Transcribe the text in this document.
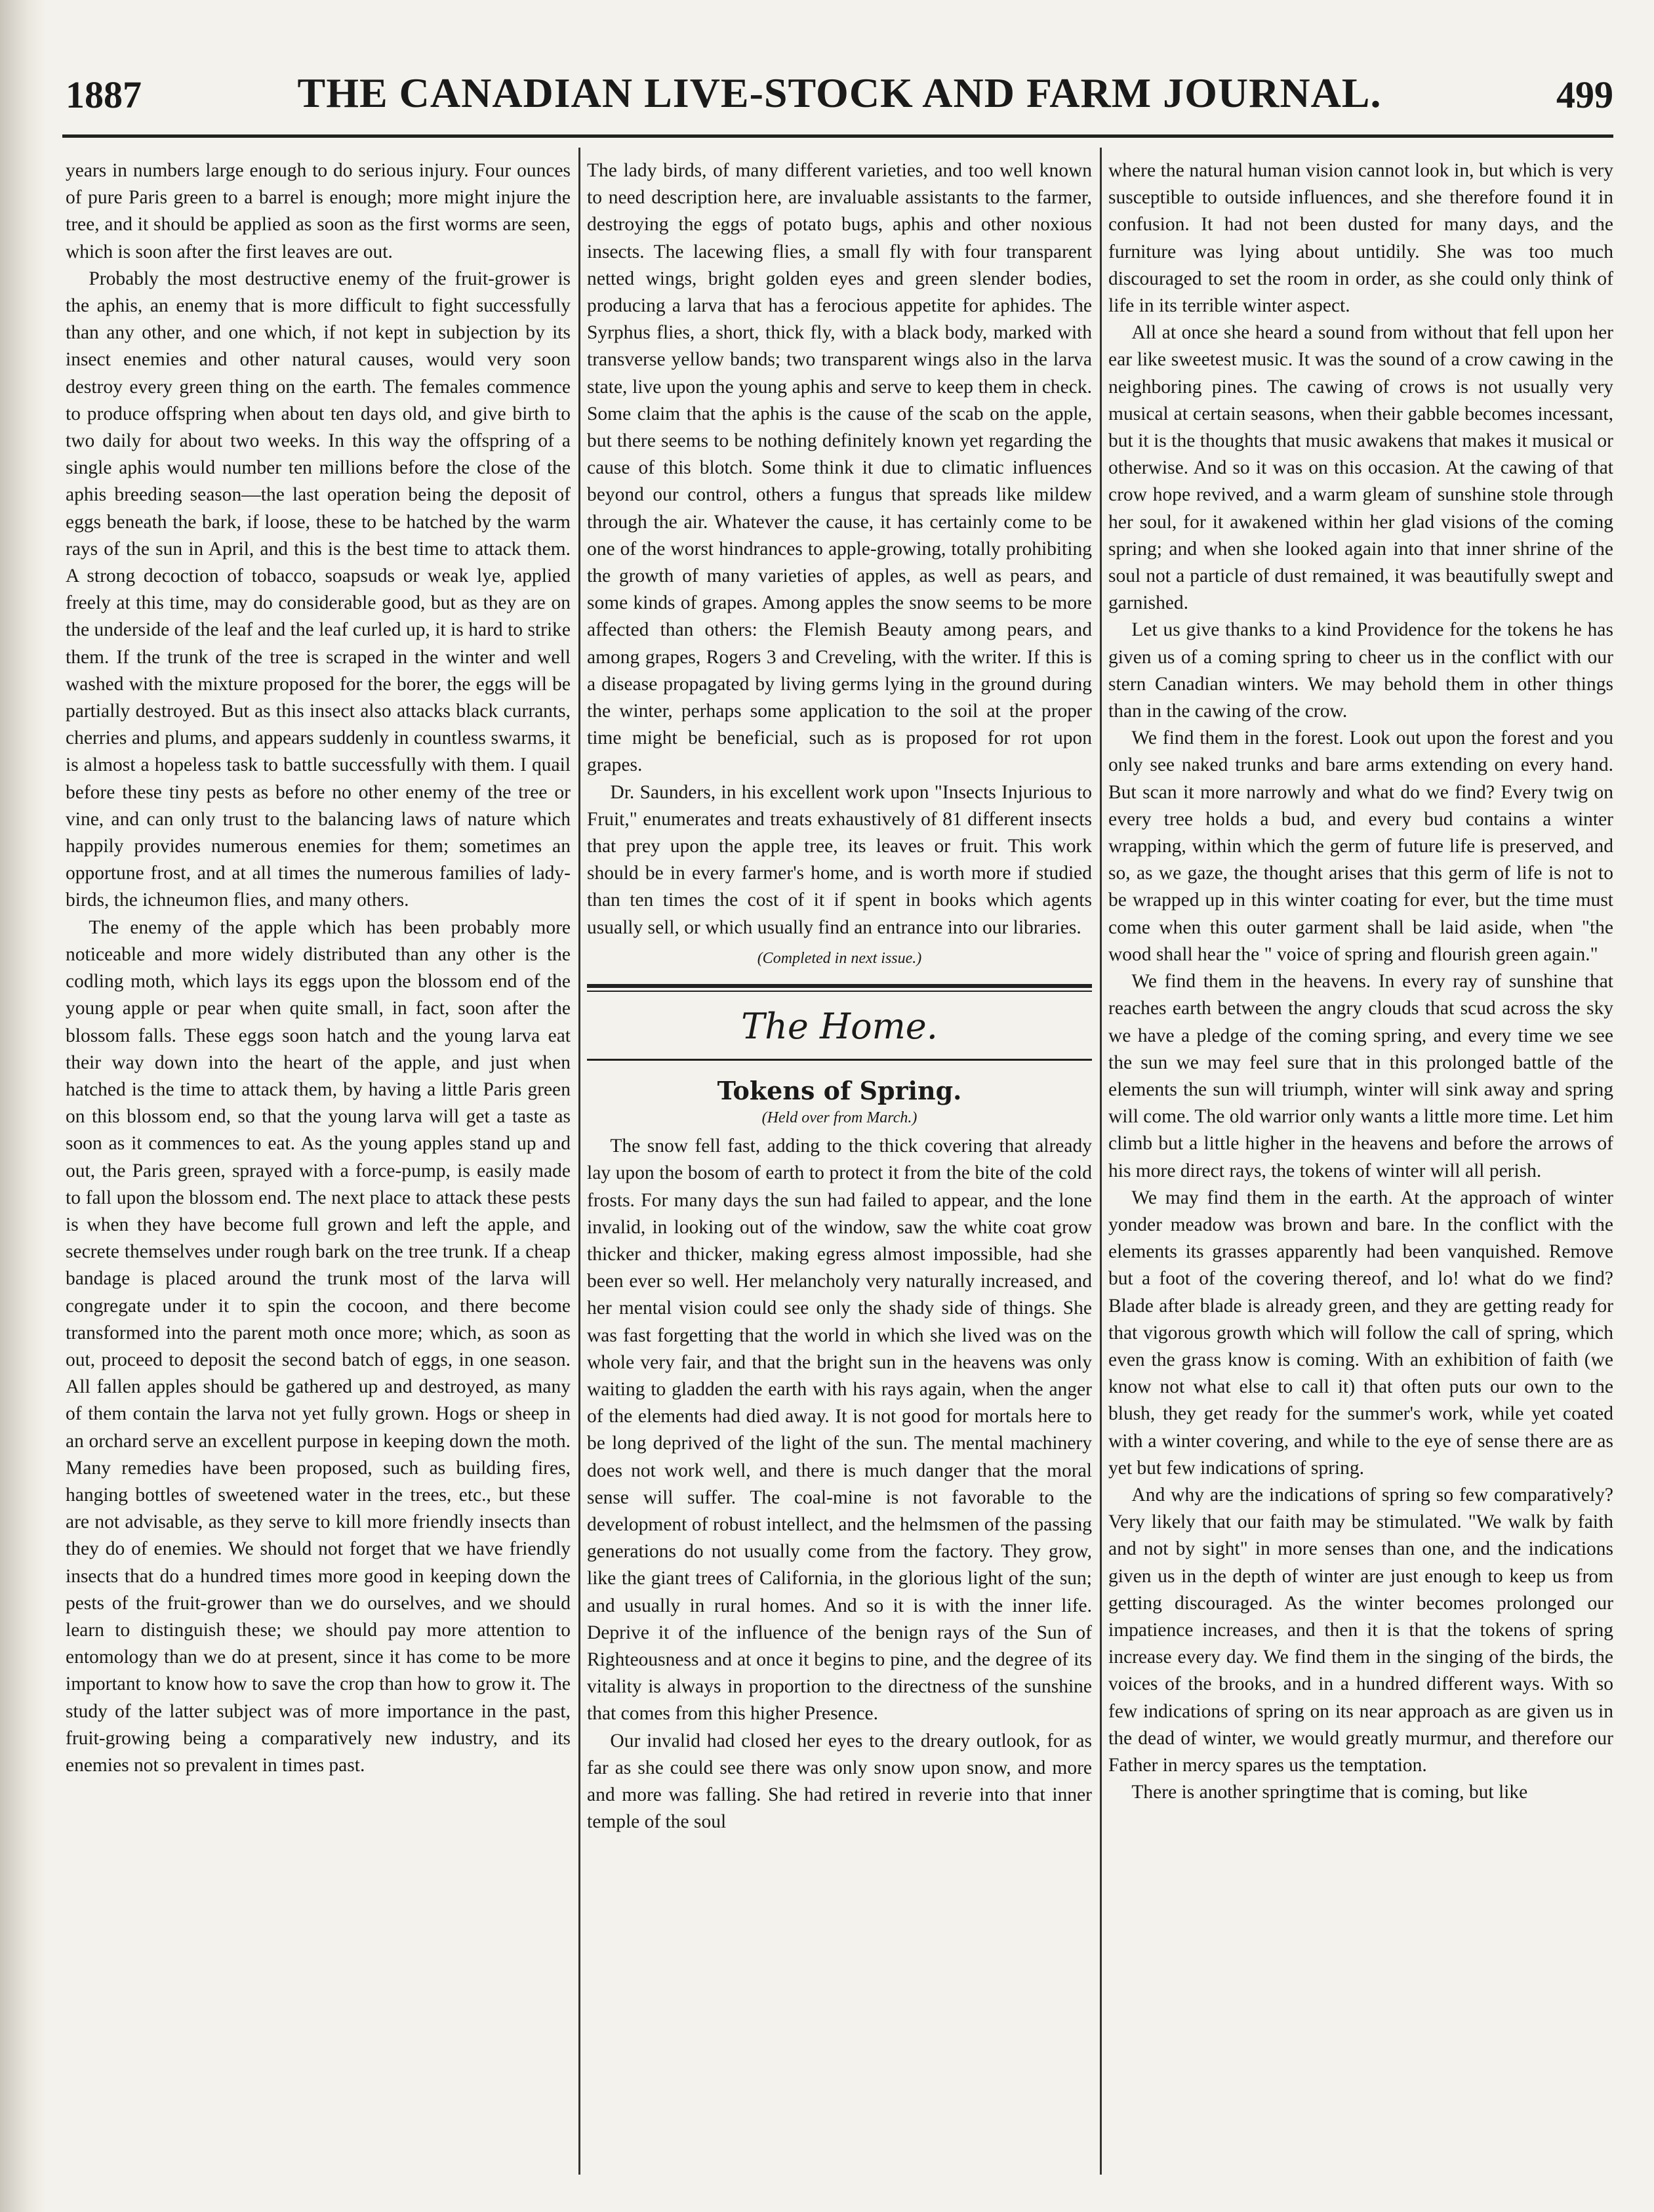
1887	THE CANADIAN LIVE-STOCK AND FARM JOURNAL.	499

years in numbers large enough to do serious injury. Four ounces of pure Paris green to a barrel is enough; more might injure the tree, and it should be applied as soon as the first worms are seen, which is soon after the first leaves are out.

Probably the most destructive enemy of the fruit-grower is the aphis, an enemy that is more difficult to fight successfully than any other, and one which, if not kept in subjection by its insect enemies and other natural causes, would very soon destroy every green thing on the earth. The females commence to produce offspring when about ten days old, and give birth to two daily for about two weeks. In this way the offspring of a single aphis would number ten millions before the close of the aphis breeding season—the last operation being the deposit of eggs beneath the bark, if loose, these to be hatched by the warm rays of the sun in April, and this is the best time to attack them. A strong decoction of tobacco, soapsuds or weak lye, applied freely at this time, may do considerable good, but as they are on the underside of the leaf and the leaf curled up, it is hard to strike them. If the trunk of the tree is scraped in the winter and well washed with the mixture proposed for the borer, the eggs will be partially destroyed. But as this insect also attacks black currants, cherries and plums, and appears suddenly in countless swarms, it is almost a hopeless task to battle successfully with them. I quail before these tiny pests as before no other enemy of the tree or vine, and can only trust to the balancing laws of nature which happily provides numerous enemies for them; sometimes an opportune frost, and at all times the numerous families of lady-birds, the ichneumon flies, and many others.

The enemy of the apple which has been probably more noticeable and more widely distributed than any other is the codling moth, which lays its eggs upon the blossom end of the young apple or pear when quite small, in fact, soon after the blossom falls. These eggs soon hatch and the young larva eat their way down into the heart of the apple, and just when hatched is the time to attack them, by having a little Paris green on this blossom end, so that the young larva will get a taste as soon as it commences to eat. As the young apples stand up and out, the Paris green, sprayed with a force-pump, is easily made to fall upon the blossom end. The next place to attack these pests is when they have become full grown and left the apple, and secrete themselves under rough bark on the tree trunk. If a cheap bandage is placed around the trunk most of the larva will congregate under it to spin the cocoon, and there become transformed into the parent moth once more; which, as soon as out, proceed to deposit the second batch of eggs, in one season. All fallen apples should be gathered up and destroyed, as many of them contain the larva not yet fully grown. Hogs or sheep in an orchard serve an excellent purpose in keeping down the moth. Many remedies have been proposed, such as building fires, hanging bottles of sweetened water in the trees, etc., but these are not advisable, as they serve to kill more friendly insects than they do of enemies. We should not forget that we have friendly insects that do a hundred times more good in keeping down the pests of the fruit-grower than we do ourselves, and we should learn to distinguish these; we should pay more attention to entomology than we do at present, since it has come to be more important to know how to save the crop than how to grow it. The study of the latter subject was of more importance in the past, fruit-growing being a comparatively new industry, and its enemies not so prevalent in times past.

The lady birds, of many different varieties, and too well known to need description here, are invaluable assistants to the farmer, destroying the eggs of potato bugs, aphis and other noxious insects. The lacewing flies, a small fly with four transparent netted wings, bright golden eyes and green slender bodies, producing a larva that has a ferocious appetite for aphides. The Syrphus flies, a short, thick fly, with a black body, marked with transverse yellow bands; two transparent wings also in the larva state, live upon the young aphis and serve to keep them in check. Some claim that the aphis is the cause of the scab on the apple, but there seems to be nothing definitely known yet regarding the cause of this blotch. Some think it due to climatic influences beyond our control, others a fungus that spreads like mildew through the air. Whatever the cause, it has certainly come to be one of the worst hindrances to apple-growing, totally prohibiting the growth of many varieties of apples, as well as pears, and some kinds of grapes. Among apples the snow seems to be more affected than others: the Flemish Beauty among pears, and among grapes, Rogers 3 and Creveling, with the writer. If this is a disease propagated by living germs lying in the ground during the winter, perhaps some application to the soil at the proper time might be beneficial, such as is proposed for rot upon grapes.

Dr. Saunders, in his excellent work upon "Insects Injurious to Fruit," enumerates and treats exhaustively of 81 different insects that prey upon the apple tree, its leaves or fruit. This work should be in every farmer's home, and is worth more if studied than ten times the cost of it if spent in books which agents usually sell, or which usually find an entrance into our libraries.

(Completed in next issue.)

The Home.
Tokens of Spring.
(Held over from March.)

The snow fell fast, adding to the thick covering that already lay upon the bosom of earth to protect it from the bite of the cold frosts. For many days the sun had failed to appear, and the lone invalid, in looking out of the window, saw the white coat grow thicker and thicker, making egress almost impossible, had she been ever so well. Her melancholy very naturally increased, and her mental vision could see only the shady side of things. She was fast forgetting that the world in which she lived was on the whole very fair, and that the bright sun in the heavens was only waiting to gladden the earth with his rays again, when the anger of the elements had died away. It is not good for mortals here to be long deprived of the light of the sun. The mental machinery does not work well, and there is much danger that the moral sense will suffer. The coal-mine is not favorable to the development of robust intellect, and the helmsmen of the passing generations do not usually come from the factory. They grow, like the giant trees of California, in the glorious light of the sun; and usually in rural homes. And so it is with the inner life. Deprive it of the influence of the benign rays of the Sun of Righteousness and at once it begins to pine, and the degree of its vitality is always in proportion to the directness of the sunshine that comes from this higher Presence.

Our invalid had closed her eyes to the dreary outlook, for as far as she could see there was only snow upon snow, and more and more was falling. She had retired in reverie into that inner temple of the soul

where the natural human vision cannot look in, but which is very susceptible to outside influences, and she therefore found it in confusion. It had not been dusted for many days, and the furniture was lying about untidily. She was too much discouraged to set the room in order, as she could only think of life in its terrible winter aspect.

All at once she heard a sound from without that fell upon her ear like sweetest music. It was the sound of a crow cawing in the neighboring pines. The cawing of crows is not usually very musical at certain seasons, when their gabble becomes incessant, but it is the thoughts that music awakens that makes it musical or otherwise. And so it was on this occasion. At the cawing of that crow hope revived, and a warm gleam of sunshine stole through her soul, for it awakened within her glad visions of the coming spring; and when she looked again into that inner shrine of the soul not a particle of dust remained, it was beautifully swept and garnished.

Let us give thanks to a kind Providence for the tokens he has given us of a coming spring to cheer us in the conflict with our stern Canadian winters. We may behold them in other things than in the cawing of the crow.

We find them in the forest. Look out upon the forest and you only see naked trunks and bare arms extending on every hand. But scan it more narrowly and what do we find? Every twig on every tree holds a bud, and every bud contains a winter wrapping, within which the germ of future life is preserved, and so, as we gaze, the thought arises that this germ of life is not to be wrapped up in this winter coating for ever, but the time must come when this outer garment shall be laid aside, when "the wood shall hear the " voice of spring and flourish green again."

We find them in the heavens. In every ray of sunshine that reaches earth between the angry clouds that scud across the sky we have a pledge of the coming spring, and every time we see the sun we may feel sure that in this prolonged battle of the elements the sun will triumph, winter will sink away and spring will come. The old warrior only wants a little more time. Let him climb but a little higher in the heavens and before the arrows of his more direct rays, the tokens of winter will all perish.

We may find them in the earth. At the approach of winter yonder meadow was brown and bare. In the conflict with the elements its grasses apparently had been vanquished. Remove but a foot of the covering thereof, and lo! what do we find? Blade after blade is already green, and they are getting ready for that vigorous growth which will follow the call of spring, which even the grass know is coming. With an exhibition of faith (we know not what else to call it) that often puts our own to the blush, they get ready for the summer's work, while yet coated with a winter covering, and while to the eye of sense there are as yet but few indications of spring.

And why are the indications of spring so few comparatively? Very likely that our faith may be stimulated. "We walk by faith and not by sight" in more senses than one, and the indications given us in the depth of winter are just enough to keep us from getting discouraged. As the winter becomes prolonged our impatience increases, and then it is that the tokens of spring increase every day. We find them in the singing of the birds, the voices of the brooks, and in a hundred different ways. With so few indications of spring on its near approach as are given us in the dead of winter, we would greatly murmur, and therefore our Father in mercy spares us the temptation.

There is another springtime that is coming, but like
